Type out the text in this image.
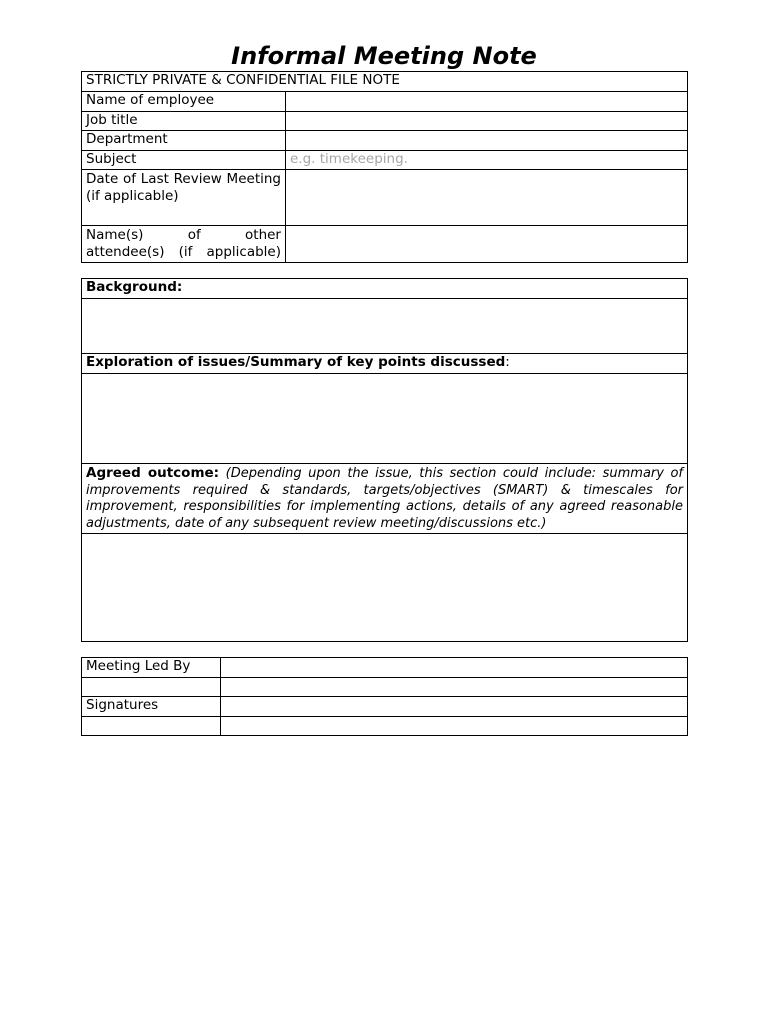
Informal Meeting Note
STRICTLY PRIVATE & CONFIDENTIAL FILE NOTE	
Name of employee	
Job title	
Department	
Subject	e.g. timekeeping.
Date of Last Review Meeting
(if applicable)	

Name(s) of other attendee(s) (if applicable)	
Background:

Exploration of issues/Summary of key points discussed:

Agreed outcome: (Depending upon the issue, this section could include: summary of improvements required & standards, targets/objectives (SMART) & timescales for improvement, responsibilities for implementing actions, details of any agreed reasonable adjustments, date of any subsequent review meeting/discussions etc.)

Meeting Led By	

Signatures	
